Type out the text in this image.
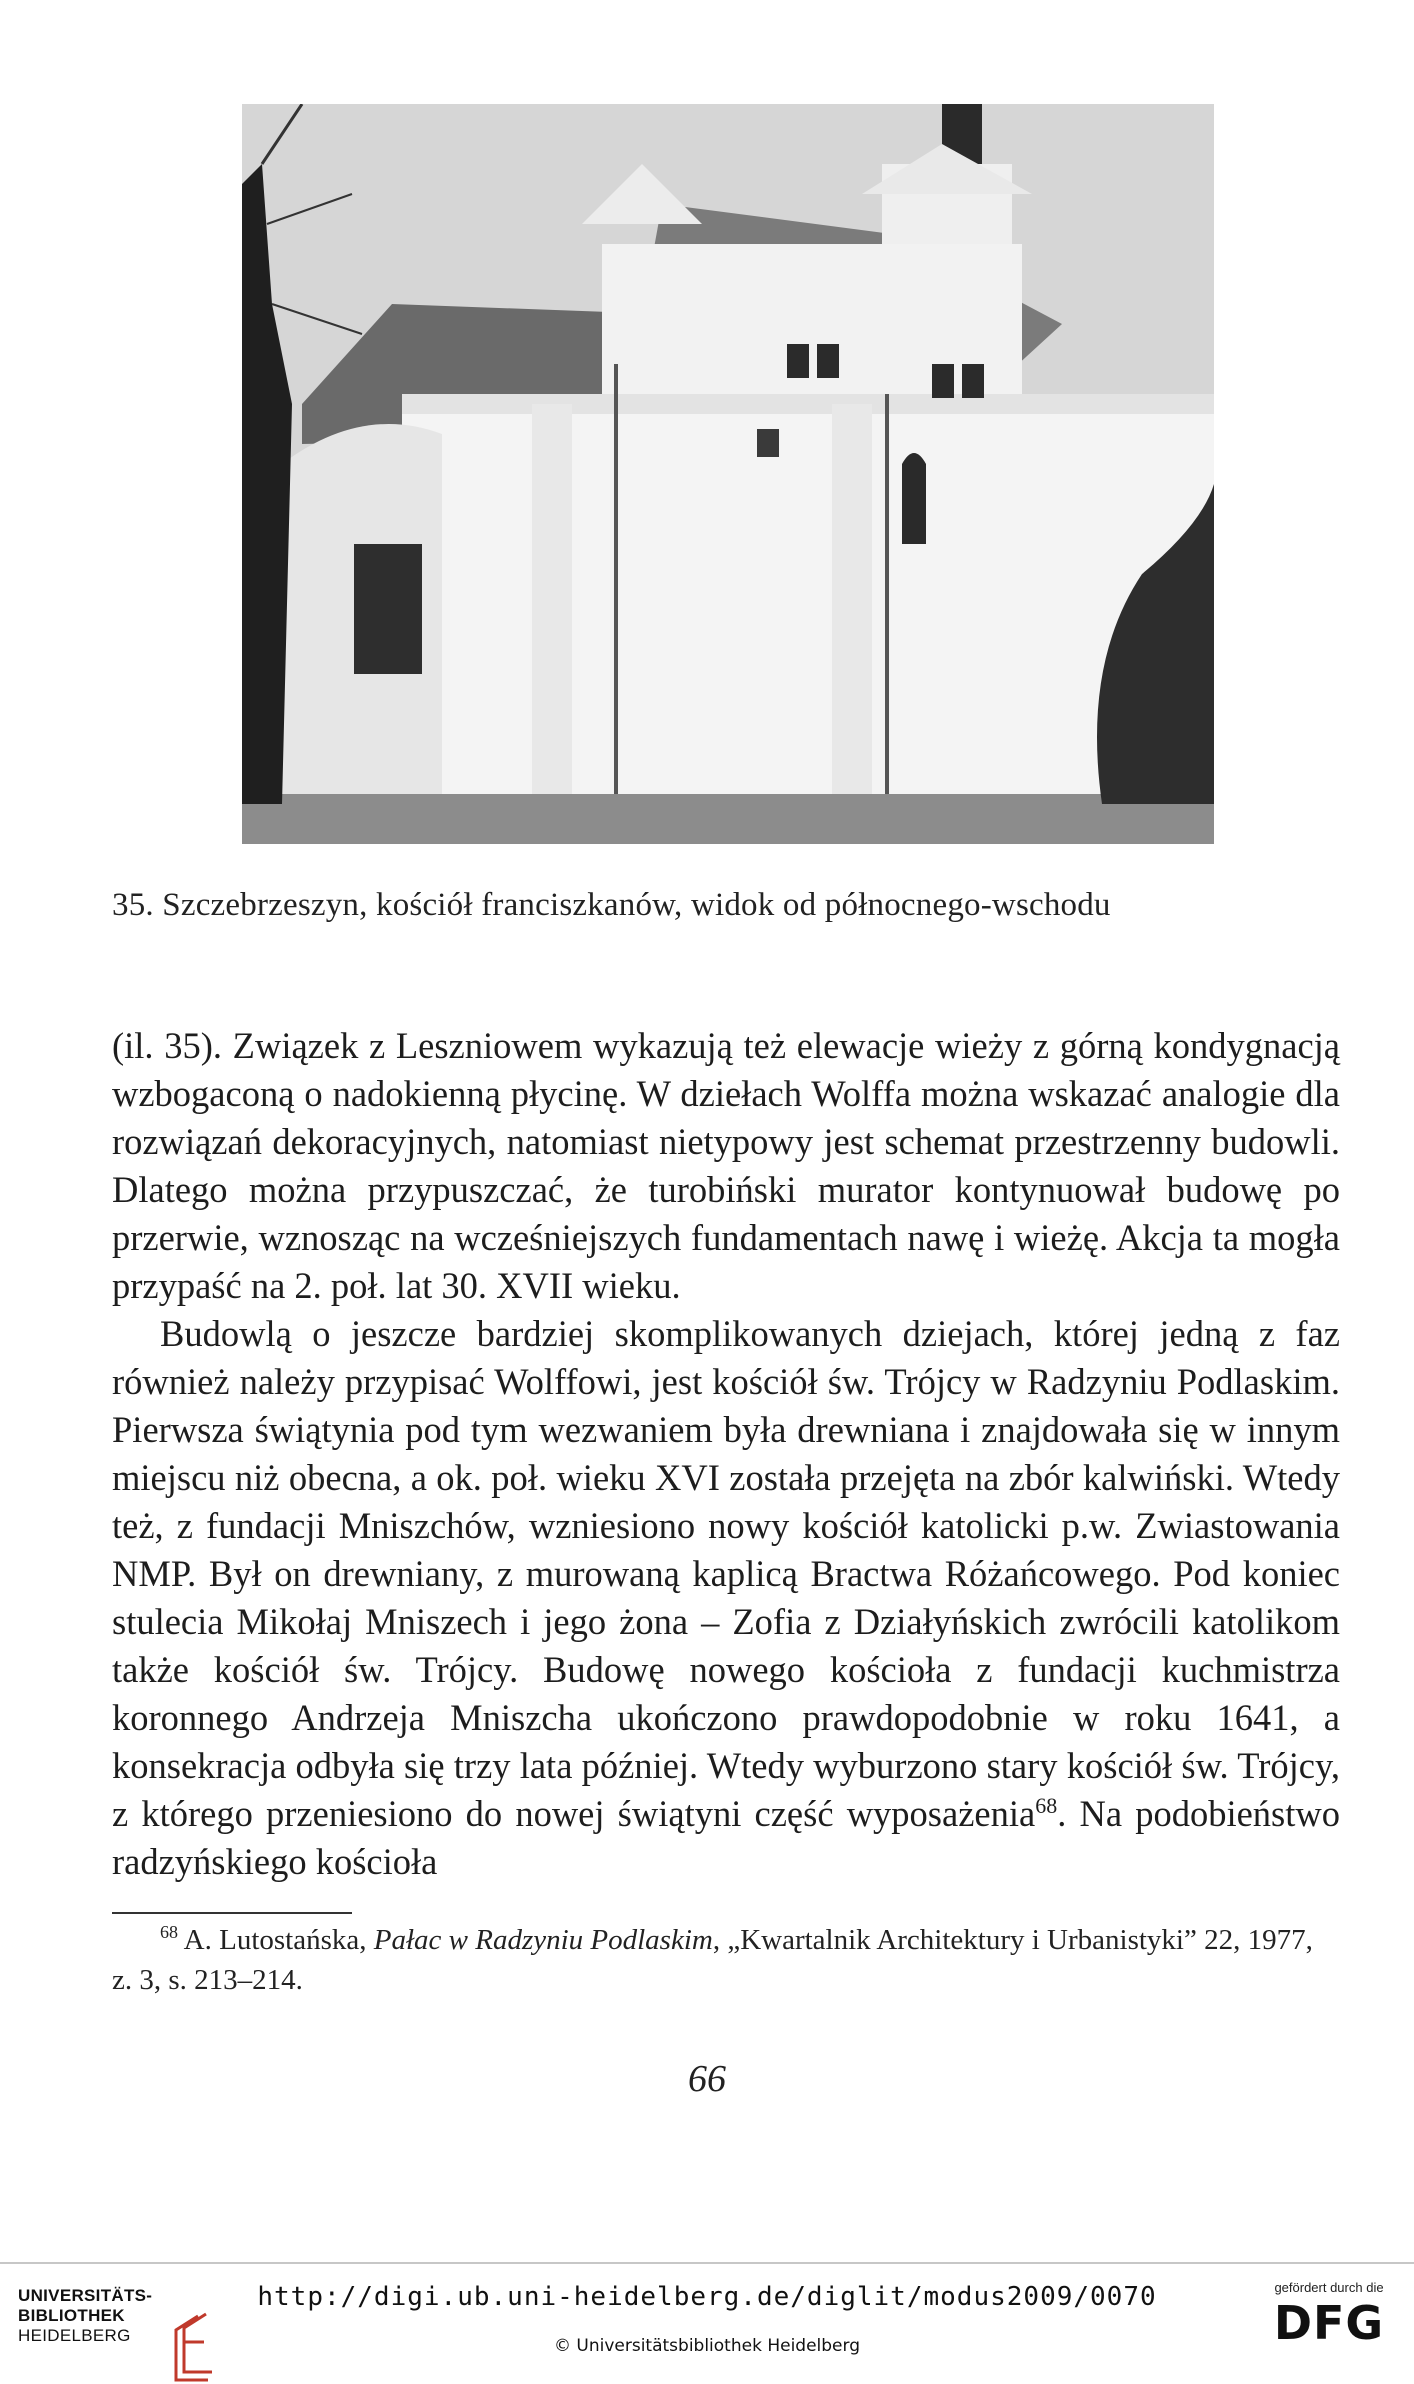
35. Szczebrzeszyn, kościół franciszkanów, widok od północnego-wschodu

(il. 35). Związek z Leszniowem wykazują też elewacje wieży z górną kondygnacją wzbogaconą o nadokienną płycinę. W dziełach Wolffa można wskazać analogie dla rozwiązań dekoracyjnych, natomiast nietypowy jest schemat przestrzenny budowli. Dlatego można przypuszczać, że turobiński murator kontynuował budowę po przerwie, wznosząc na wcześniejszych fundamentach nawę i wieżę. Akcja ta mogła przypaść na 2. poł. lat 30. XVII wieku.

Budowlą o jeszcze bardziej skomplikowanych dziejach, której jedną z faz również należy przypisać Wolffowi, jest kościół św. Trójcy w Radzyniu Podlaskim. Pierwsza świątynia pod tym wezwaniem była drewniana i znajdowała się w innym miejscu niż obecna, a ok. poł. wieku XVI została przejęta na zbór kalwiński. Wtedy też, z fundacji Mniszchów, wzniesiono nowy kościół katolicki p.w. Zwiastowania NMP. Był on drewniany, z murowaną kaplicą Bractwa Różańcowego. Pod koniec stulecia Mikołaj Mniszech i jego żona – Zofia z Działyńskich zwrócili katolikom także kościół św. Trójcy. Budowę nowego kościoła z fundacji kuchmistrza koronnego Andrzeja Mniszcha ukończono prawdopodobnie w roku 1641, a konsekracja odbyła się trzy lata później. Wtedy wyburzono stary kościół św. Trójcy, z którego przeniesiono do nowej świątyni część wyposażenia$^{68}$. Na podobieństwo radzyńskiego kościoła

$^{68}$ A. Lutostańska, Pałac w Radzyniu Podlaskim, „Kwartalnik Architektury i Urbanistyki” 22, 1977, z. 3, s. 213–214.
66
UNIVERSITÄTS-
BIBLIOTHEK
HEIDELBERG
http://digi.ub.uni-heidelberg.de/diglit/modus2009/0070
© Universitätsbibliothek Heidelberg
gefördert durch die
DFG
